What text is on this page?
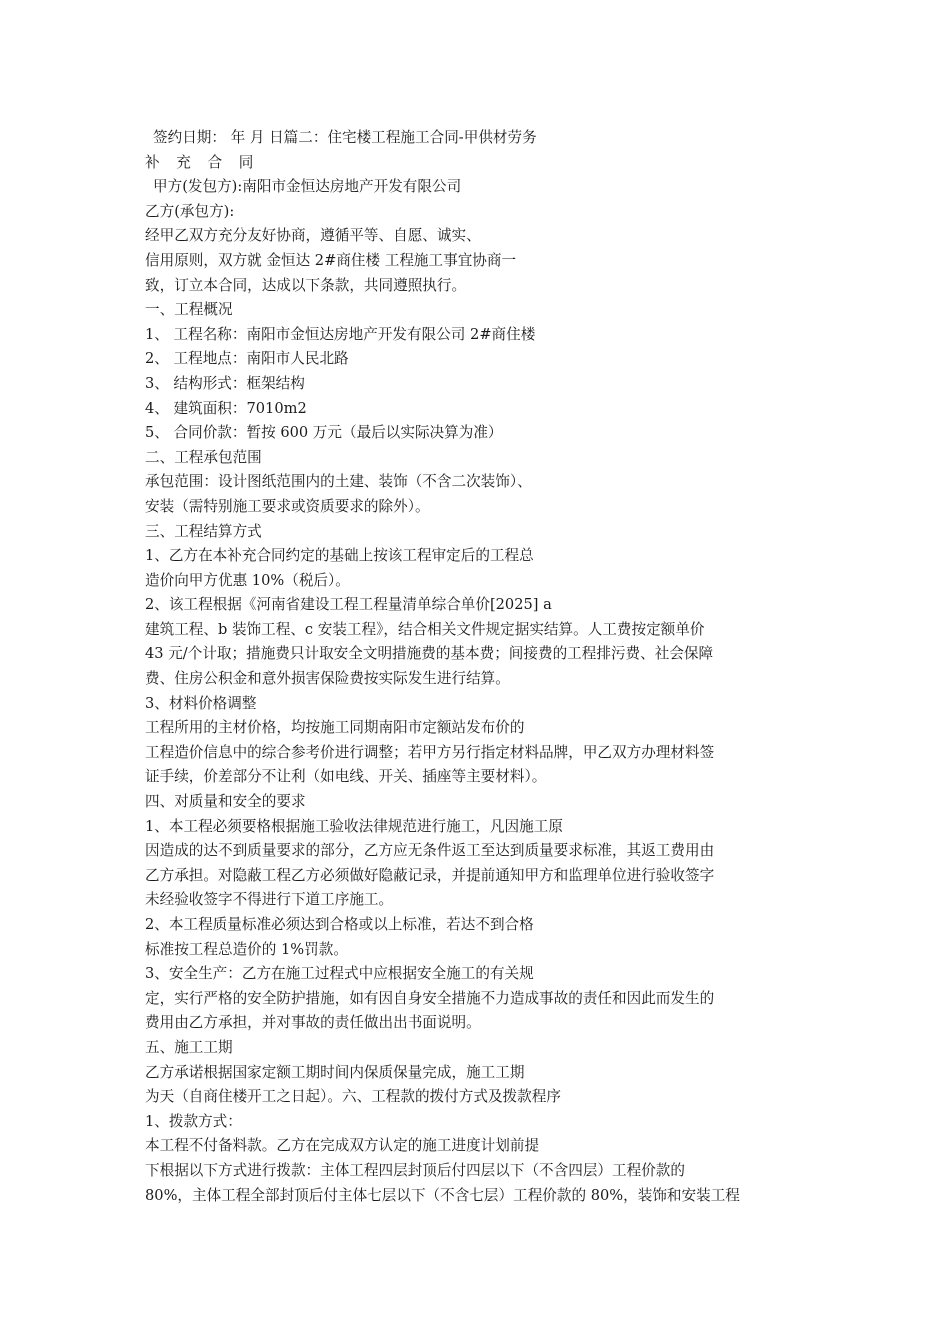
签约日期： 年 月 日篇二：住宅楼工程施工合同-甲供材劳务
补 充 合 同
甲方(发包方):南阳市金恒达房地产开发有限公司
乙方(承包方):
经甲乙双方充分友好协商，遵循平等、自愿、诚实、
信用原则，双方就 金恒达 2#商住楼 工程施工事宜协商一
致，订立本合同，达成以下条款，共同遵照执行。
一、工程概况
1、 工程名称：南阳市金恒达房地产开发有限公司 2#商住楼
2、 工程地点：南阳市人民北路
3、 结构形式：框架结构
4、 建筑面积：7010m2
5、 合同价款：暂按 600 万元（最后以实际决算为准）
二、工程承包范围
承包范围：设计图纸范围内的土建、装饰（不含二次装饰）、
安装（需特别施工要求或资质要求的除外）。
三、工程结算方式
1、乙方在本补充合同约定的基础上按该工程审定后的工程总
造价向甲方优惠 10%（税后）。
2、该工程根据《河南省建设工程工程量清单综合单价[2025] a
建筑工程、b 装饰工程、c 安装工程》，结合相关文件规定据实结算。人工费按定额单价
43 元/个计取；措施费只计取安全文明措施费的基本费；间接费的工程排污费、社会保障
费、住房公积金和意外损害保险费按实际发生进行结算。
3、材料价格调整
工程所用的主材价格，均按施工同期南阳市定额站发布价的
工程造价信息中的综合参考价进行调整；若甲方另行指定材料品牌，甲乙双方办理材料签
证手续，价差部分不让利（如电线、开关、插座等主要材料）。
四、对质量和安全的要求
1、本工程必须要格根据施工验收法律规范进行施工，凡因施工原
因造成的达不到质量要求的部分，乙方应无条件返工至达到质量要求标准，其返工费用由
乙方承担。对隐蔽工程乙方必须做好隐蔽记录，并提前通知甲方和监理单位进行验收签字
未经验收签字不得进行下道工序施工。
2、本工程质量标准必须达到合格或以上标准，若达不到合格
标准按工程总造价的 1%罚款。
3、安全生产：乙方在施工过程式中应根据安全施工的有关规
定，实行严格的安全防护措施，如有因自身安全措施不力造成事故的责任和因此而发生的
费用由乙方承担，并对事故的责任做出出书面说明。
五、施工工期
乙方承诺根据国家定额工期时间内保质保量完成，施工工期
为天（自商住楼开工之日起）。六、工程款的拨付方式及拨款程序
1、拨款方式：
本工程不付备料款。乙方在完成双方认定的施工进度计划前提
下根据以下方式进行拨款：主体工程四层封顶后付四层以下（不含四层）工程价款的
80%，主体工程全部封顶后付主体七层以下（不含七层）工程价款的 80%，装饰和安装工程
